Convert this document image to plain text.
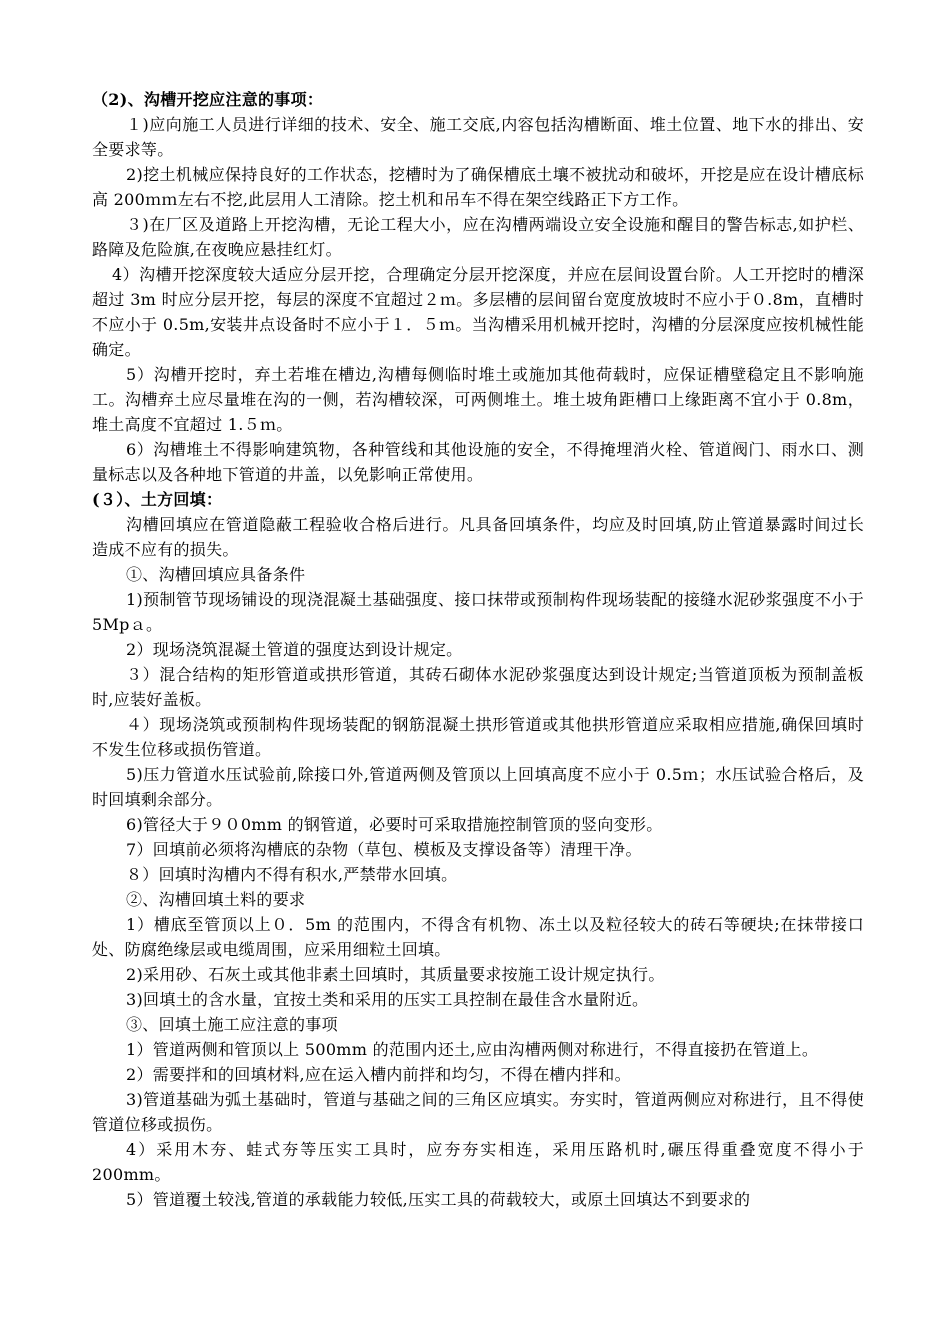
（2)、沟槽开挖应注意的事项：

１)应向施工人员进行详细的技术、安全、施工交底,内容包括沟槽断面、堆土位置、地下水的排出、安全要求等。

2)挖土机械应保持良好的工作状态，挖槽时为了确保槽底土壤不被扰动和破坏，开挖是应在设计槽底标高 200ｍｍ左右不挖,此层用人工清除。挖土机和吊车不得在架空线路正下方工作。

３)在厂区及道路上开挖沟槽，无论工程大小，应在沟槽两端设立安全设施和醒目的警告标志,如护栏、路障及危险旗,在夜晚应悬挂红灯。

4）沟槽开挖深度较大适应分层开挖，合理确定分层开挖深度，并应在层间设置台阶。人工开挖时的槽深超过 3m 时应分层开挖，每层的深度不宜超过２ｍ。多层槽的层间留台宽度放坡时不应小于０.8m，直槽时不应小于 0.5m,安装井点设备时不应小于１．５ｍ。当沟槽采用机械开挖时，沟槽的分层深度应按机械性能确定。

5）沟槽开挖时，弃土若堆在槽边,沟槽每侧临时堆土或施加其他荷载时，应保证槽壁稳定且不影响施工。沟槽弃土应尽量堆在沟的一侧，若沟槽较深，可两侧堆土。堆土坡角距槽口上缘距离不宜小于 0.8m，堆土高度不宜超过 1.５ｍ。

6）沟槽堆土不得影响建筑物，各种管线和其他设施的安全，不得掩埋消火栓、管道阀门、雨水口、测量标志以及各种地下管道的井盖，以免影响正常使用。

(３）、土方回填：

沟槽回填应在管道隐蔽工程验收合格后进行。凡具备回填条件，均应及时回填,防止管道暴露时间过长造成不应有的损失。

①、沟槽回填应具备条件

1)预制管节现场铺设的现浇混凝土基础强度、接口抹带或预制构件现场装配的接缝水泥砂浆强度不小于 5Mpａ。

2）现场浇筑混凝土管道的强度达到设计规定。

３）混合结构的矩形管道或拱形管道，其砖石砌体水泥砂浆强度达到设计规定;当管道顶板为预制盖板时,应装好盖板。

４）现场浇筑或预制构件现场装配的钢筋混凝土拱形管道或其他拱形管道应采取相应措施,确保回填时不发生位移或损伤管道。

5)压力管道水压试验前,除接口外,管道两侧及管顶以上回填高度不应小于 0.5ｍ；水压试验合格后，及时回填剩余部分。

6)管径大于９０0mm 的钢管道，必要时可采取措施控制管顶的竖向变形。

7）回填前必须将沟槽底的杂物（草包、模板及支撑设备等）清理干净。

８）回填时沟槽内不得有积水,严禁带水回填。

②、沟槽回填土料的要求

1）槽底至管顶以上０．5m 的范围内，不得含有机物、冻土以及粒径较大的砖石等硬块;在抹带接口处、防腐绝缘层或电缆周围，应采用细粒土回填。

2)采用砂、石灰土或其他非素土回填时，其质量要求按施工设计规定执行。

3)回填土的含水量，宜按土类和采用的压实工具控制在最佳含水量附近。

③、回填土施工应注意的事项

1）管道两侧和管顶以上 500mm 的范围内还土,应由沟槽两侧对称进行，不得直接扔在管道上。

2）需要拌和的回填材料,应在运入槽内前拌和均匀，不得在槽内拌和。

3)管道基础为弧土基础时，管道与基础之间的三角区应填实。夯实时，管道两侧应对称进行，且不得使管道位移或损伤。

4）采用木夯、蛙式夯等压实工具时，应夯夯实相连，采用压路机时,碾压得重叠宽度不得小于 200mm。

5）管道覆土较浅,管道的承载能力较低,压实工具的荷载较大，或原土回填达不到要求的
